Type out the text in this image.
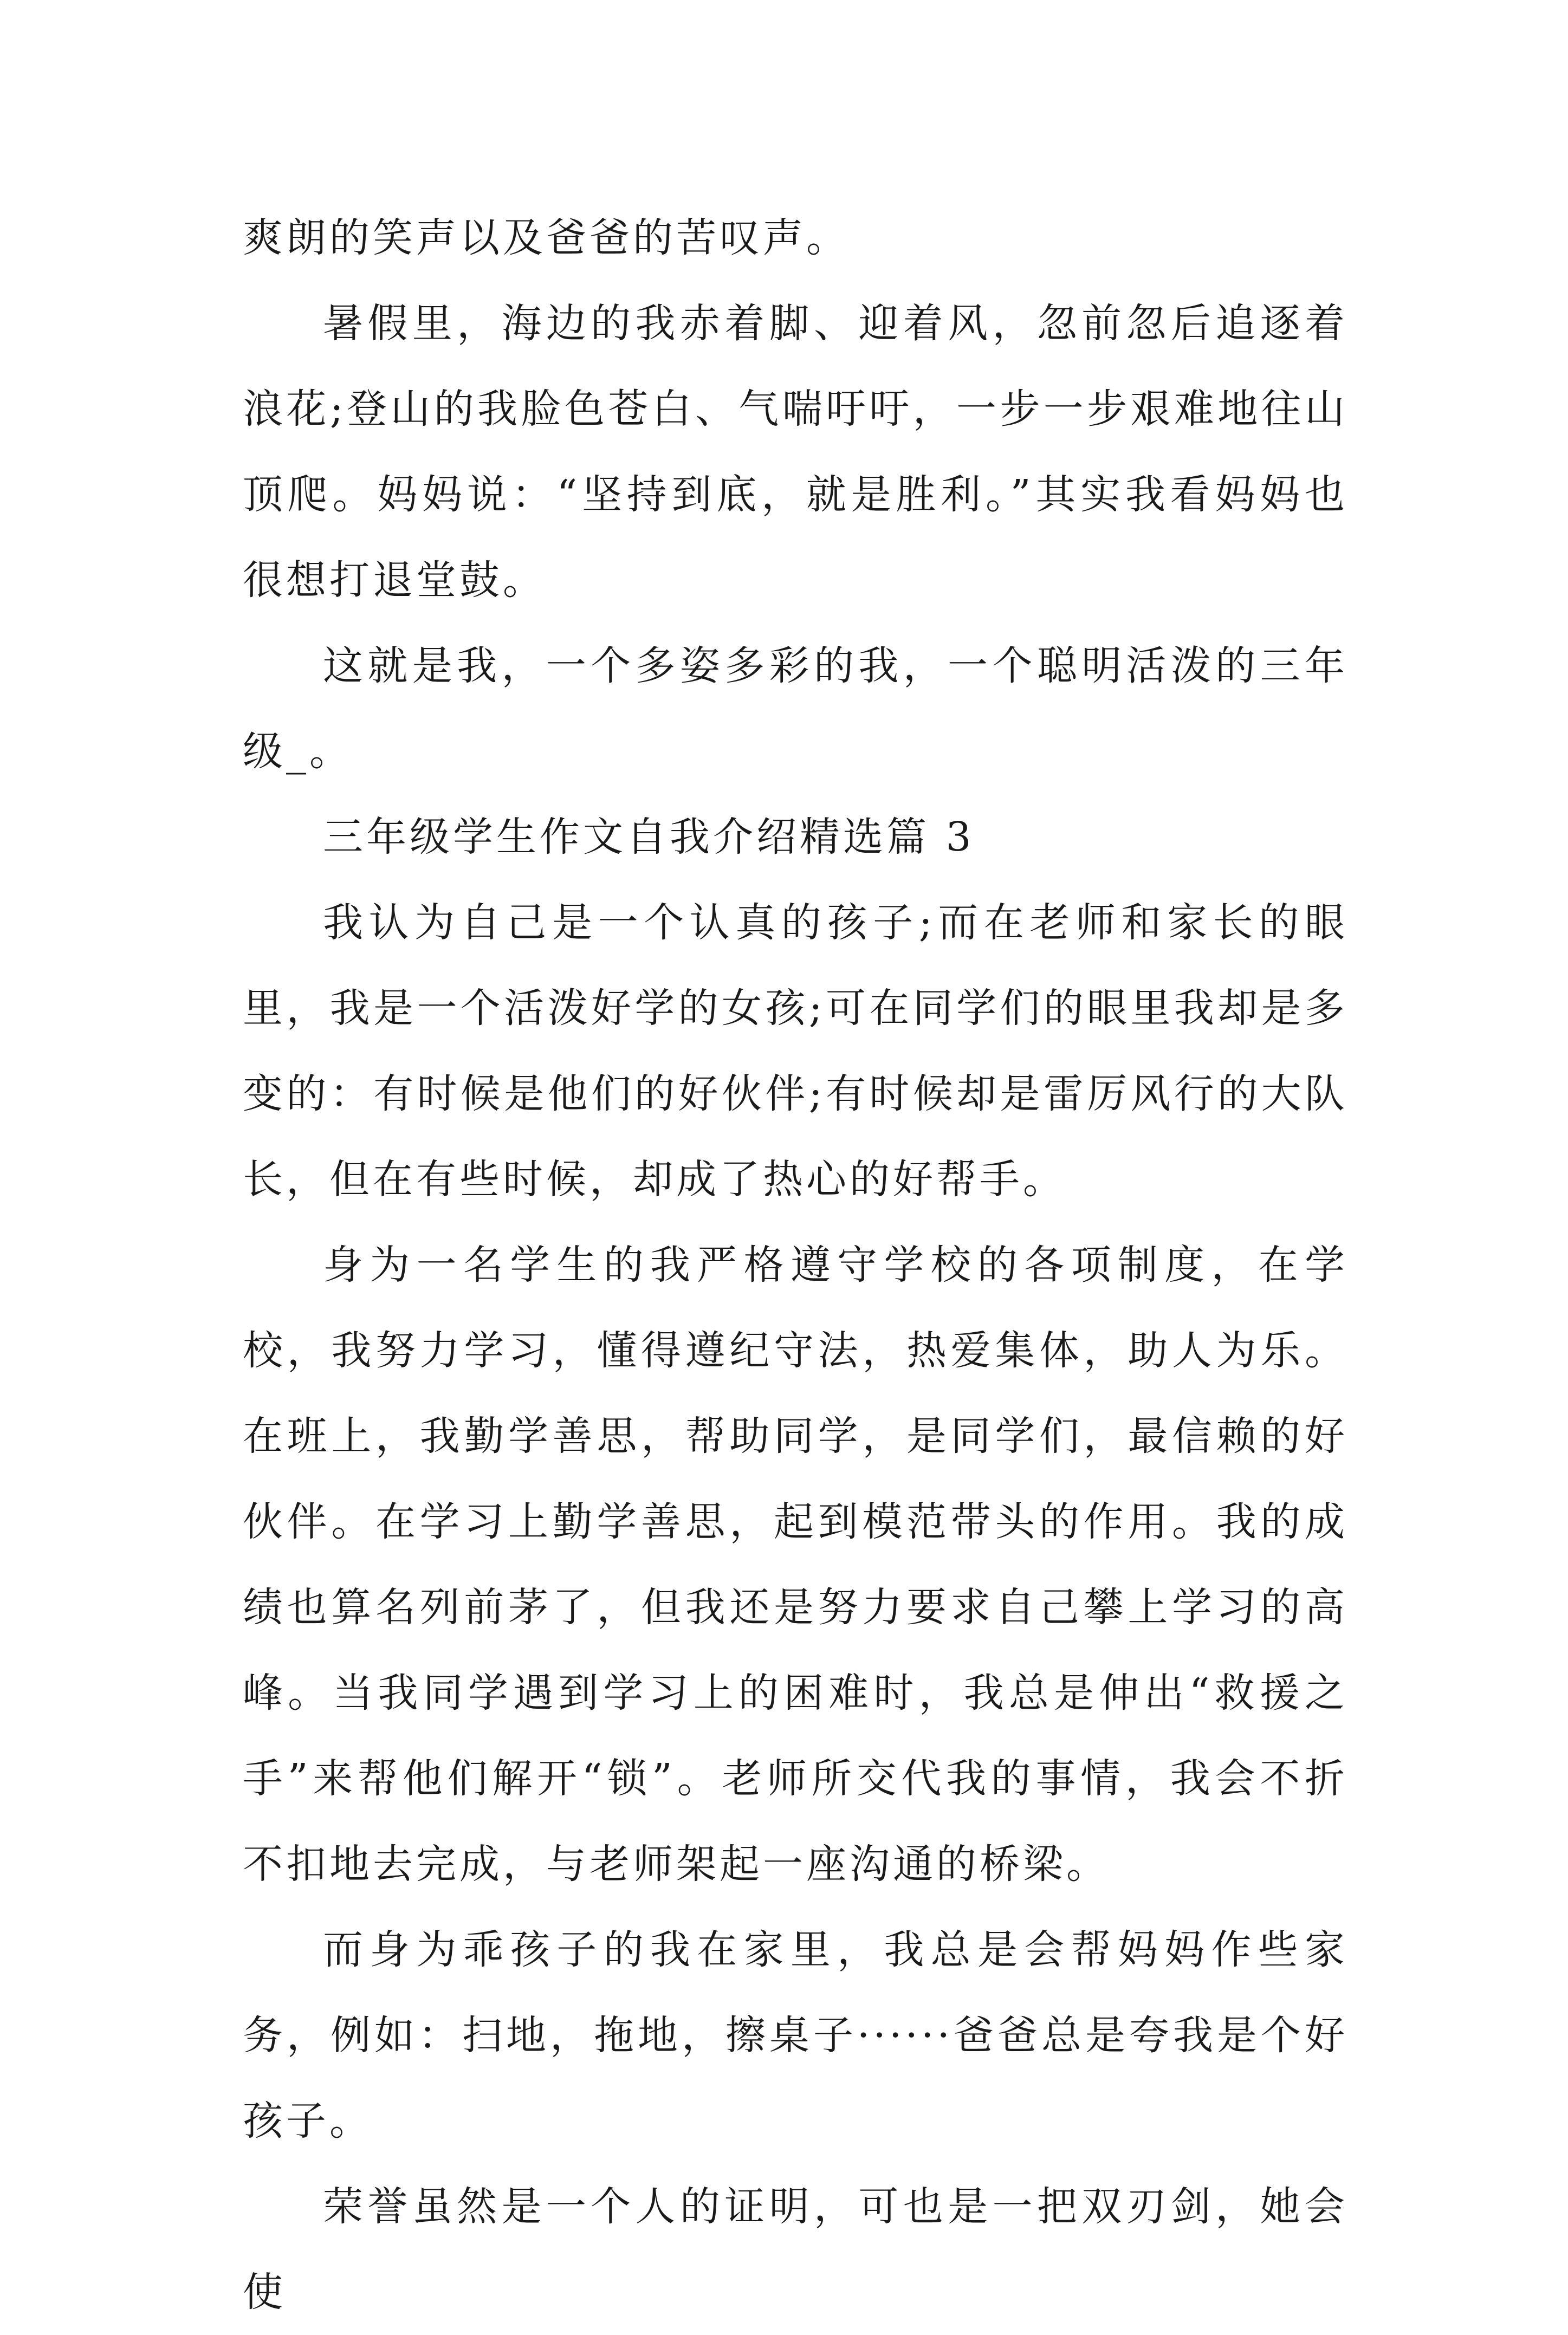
爽朗的笑声以及爸爸的苦叹声。

暑假里，海边的我赤着脚、迎着风，忽前忽后追逐着浪花;登山的我脸色苍白、气喘吁吁，一步一步艰难地往山顶爬。妈妈说：“坚持到底，就是胜利。”其实我看妈妈也很想打退堂鼓。

这就是我，一个多姿多彩的我，一个聪明活泼的三年级_。

三年级学生作文自我介绍精选篇 3

我认为自己是一个认真的孩子;而在老师和家长的眼里，我是一个活泼好学的女孩;可在同学们的眼里我却是多变的：有时候是他们的好伙伴;有时候却是雷厉风行的大队长，但在有些时候，却成了热心的好帮手。

身为一名学生的我严格遵守学校的各项制度，在学校，我努力学习，懂得遵纪守法，热爱集体，助人为乐。在班上，我勤学善思，帮助同学，是同学们，最信赖的好伙伴。在学习上勤学善思，起到模范带头的作用。我的成绩也算名列前茅了，但我还是努力要求自己攀上学习的高峰。当我同学遇到学习上的困难时，我总是伸出“救援之手”来帮他们解开“锁”。老师所交代我的事情，我会不折不扣地去完成，与老师架起一座沟通的桥梁。

而身为乖孩子的我在家里，我总是会帮妈妈作些家务，例如：扫地，拖地，擦桌子······爸爸总是夸我是个好孩子。

荣誉虽然是一个人的证明，可也是一把双刃剑，她会使
